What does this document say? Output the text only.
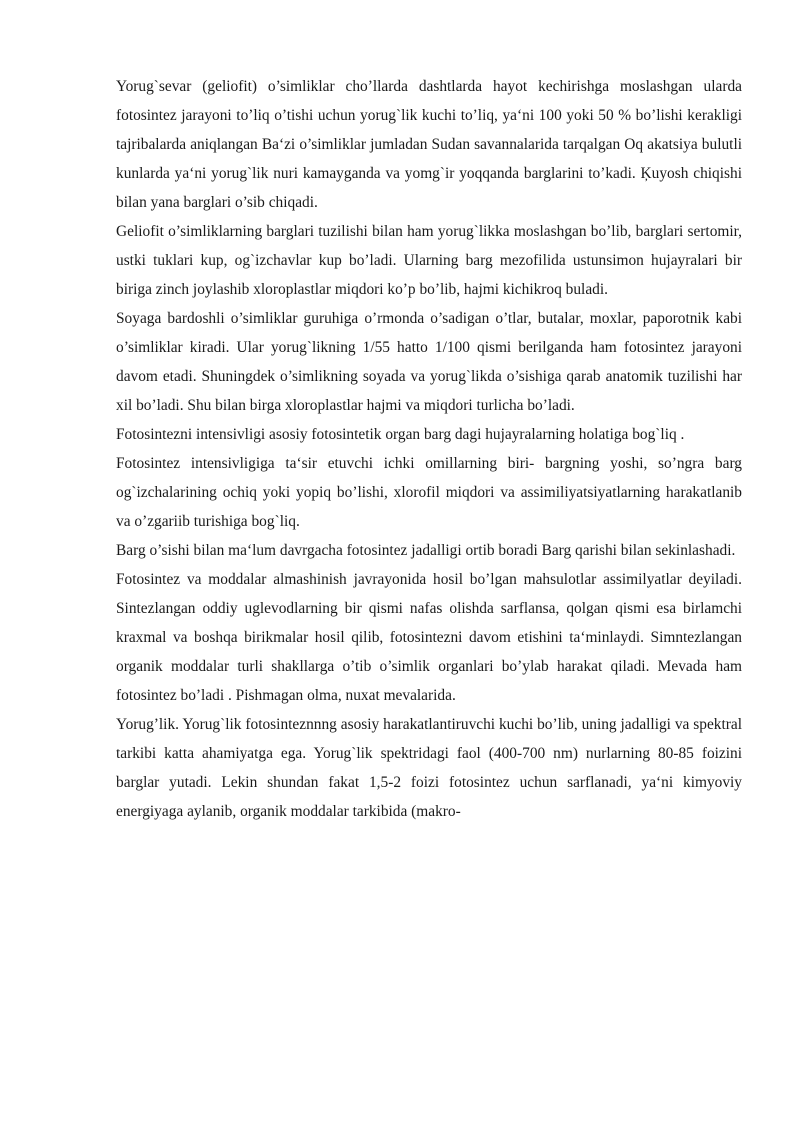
Yorug`sevar (geliofit) o’simliklar cho’llarda dashtlarda hayot kechirishga moslashgan ularda fotosintez jarayoni to’liq o’tishi uchun yorug`lik kuchi to’liq, ya‘ni 100 yoki 50 % bo’lishi kerakligi tajribalarda aniqlangan Ba‘zi o’simliklar jumladan Sudan savannalarida tarqalgan Oq akatsiya bulutli kunlarda ya‘ni yorug`lik nuri kamayganda va yomg`ir yoqqanda barglarini to’kadi. Ķuyosh chiqishi bilan yana barglari o’sib chiqadi.

Geliofit o’simliklarning barglari tuzilishi bilan ham yorug`likka moslashgan bo’lib, barglari sertomir, ustki tuklari kup, og`izchavlar kup bo’ladi. Ularning barg mezofilida ustunsimon hujayralari bir biriga zinch joylashib xloroplastlar miqdori ko’p bo’lib, hajmi kichikroq buladi.

Soyaga bardoshli o’simliklar guruhiga o’rmonda o’sadigan o’tlar, butalar, moxlar, paporotnik kabi o’simliklar kiradi. Ular yorug`likning 1/55 hatto 1/100 qismi berilganda ham fotosintez jarayoni davom etadi. Shuningdek o’simlikning soyada va yorug`likda o’sishiga qarab anatomik tuzilishi har xil bo’ladi. Shu bilan birga xloroplastlar hajmi va miqdori turlicha bo’ladi.

Fotosintezni intensivligi asosiy fotosintetik organ barg dagi hujayralarning holatiga bog`liq .

Fotosintez intensivligiga ta‘sir etuvchi ichki omillarning biri- bargning yoshi, so’ngra barg og`izchalarining ochiq yoki yopiq bo’lishi, xlorofil miqdori va assimiliyatsiyatlarning harakatlanib va o’zgariib turishiga bog`liq.

Barg o’sishi bilan ma‘lum davrgacha fotosintez jadalligi ortib boradi Barg qarishi bilan sekinlashadi.

Fotosintez va moddalar almashinish javrayonida hosil bo’lgan mahsulotlar assimilyatlar deyiladi. Sintezlangan oddiy uglevodlarning bir qismi nafas olishda sarflansa, qolgan qismi esa birlamchi kraxmal va boshqa birikmalar hosil qilib, fotosintezni davom etishini ta‘minlaydi. Simntezlangan organik moddalar turli shakllarga o’tib o’simlik organlari bo’ylab harakat qiladi. Mevada ham fotosintez bo’ladi . Pishmagan olma, nuxat mevalarida.

Yorug’lik. Yorug`lik fotosinteznnng asosiy harakatlantiruvchi kuchi bo’lib, uning jadalligi va spektral tarkibi katta ahamiyatga ega. Yorug`lik spektridagi faol (400-700 nm) nurlarning 80-85 foizini barglar yutadi. Lekin shundan fakat 1,5-2 foizi fotosintez uchun sarflanadi, ya‘ni kimyoviy energiyaga aylanib, organik moddalar tarkibida (makro-
